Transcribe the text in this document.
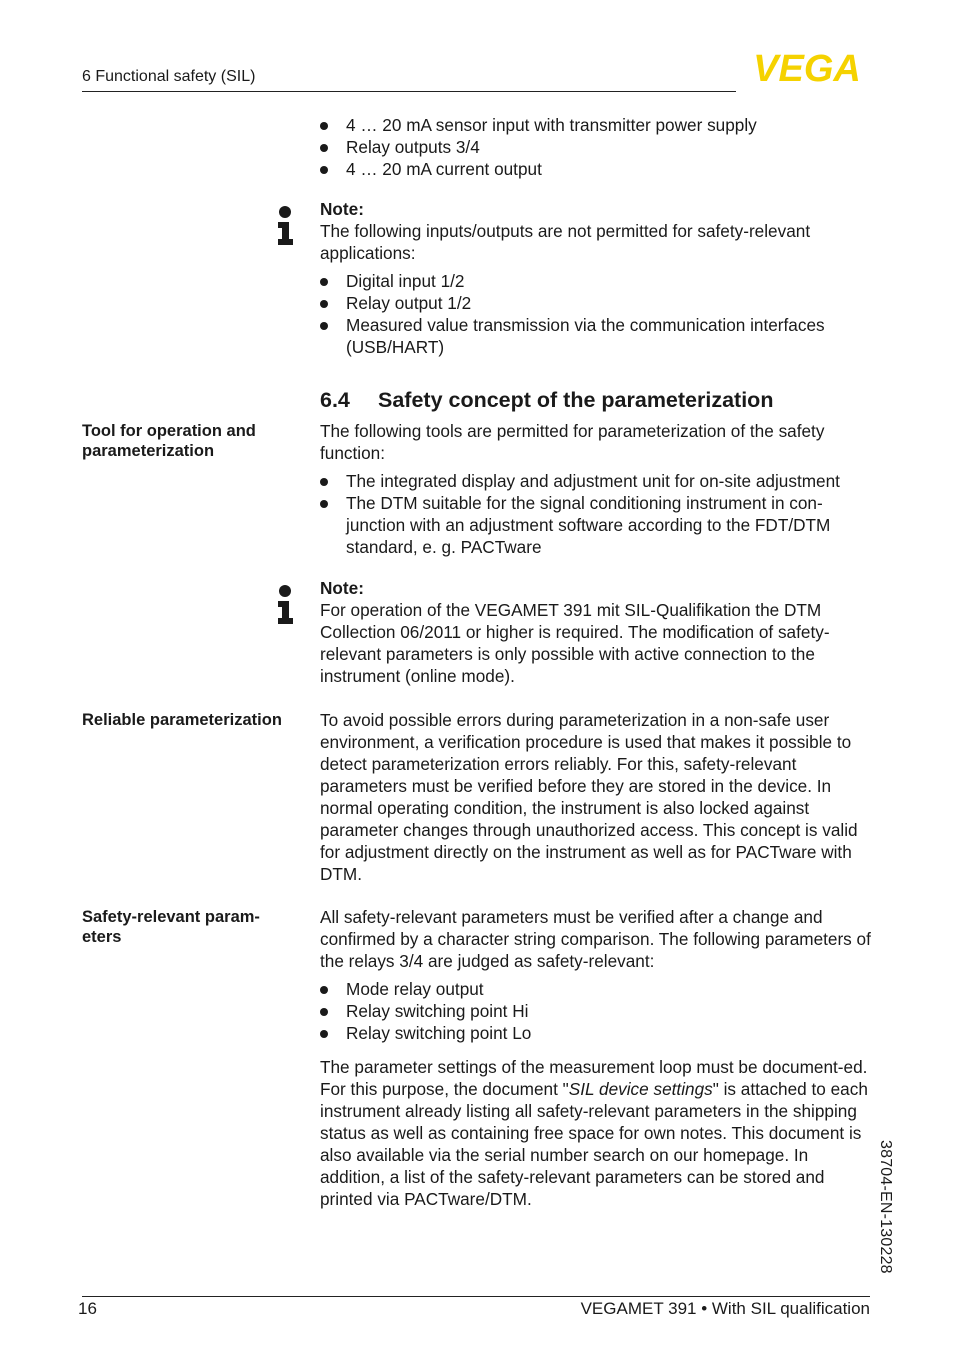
6 Functional safety (SIL)	VEGA
4 … 20 mA sensor input with transmitter power supply
Relay outputs 3/4
4 … 20 mA current output

Note:

The following inputs/outputs are not permitted for safety-relevant applications:

Digital input 1/2
Relay output 1/2
Measured value transmission via the communication interfaces (USB/HART)
6.4 Safety concept of the parameterization
Tool for operation and parameterization

The following tools are permitted for parameterization of the safety function:

The integrated display and adjustment unit for on-site adjustment
The DTM suitable for the signal conditioning instrument in con-junction with an adjustment software according to the FDT/DTM standard, e. g. PACTware

Note:

For operation of the VEGAMET 391 mit SIL-Qualifikation the DTM Collection 06/2011 or higher is required. The modification of safety-relevant parameters is only possible with active connection to the instrument (online mode).

Reliable parameterization	To avoid possible errors during parameterization in a non-safe user environment, a verification procedure is used that makes it possible to detect parameterization errors reliably. For this, safety-relevant parameters must be verified before they are stored in the device. In normal operating condition, the instrument is also locked against parameter changes through unauthorized access. This concept is valid for adjustment directly on the instrument as well as for PACTware with DTM.

Safety-relevant param-eters

All safety-relevant parameters must be verified after a change and confirmed by a character string comparison. The following parameters of the relays 3/4 are judged as safety-relevant:

Mode relay output
Relay switching point Hi
Relay switching point Lo

The parameter settings of the measurement loop must be document-ed. For this purpose, the document "SIL device settings" is attached to each instrument already listing all safety-relevant parameters in the shipping status as well as containing free space for own notes. This document is also available via the serial number search on our homepage. In addition, a list of the safety-relevant parameters can be stored and printed via PACTware/DTM.	38704-EN-130228
16	VEGAMET 391 • With SIL qualification
